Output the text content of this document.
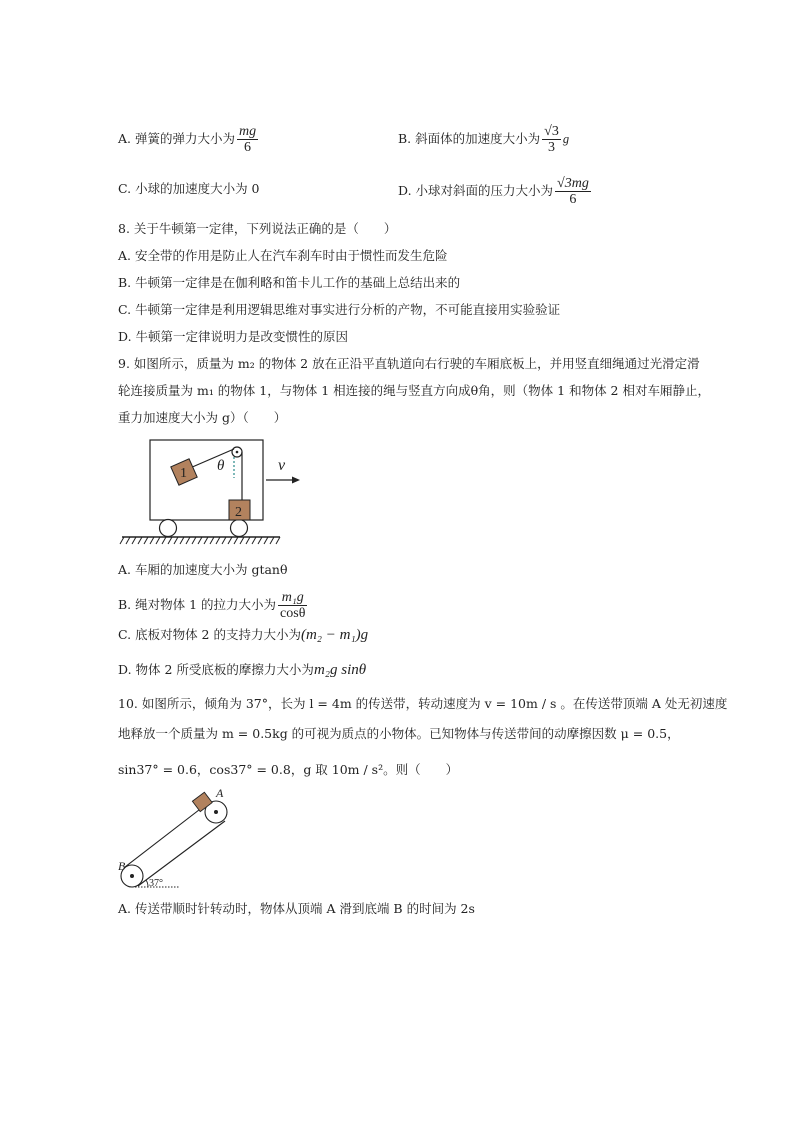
A. 弹簧的弹力大小为 $\frac{mg}{6}$	B. 斜面体的加速度大小为 $\frac{√3}{3}$ g
C. 小球的加速度大小为 0	D. 小球对斜面的压力大小为 $\frac{√3mg}{6}$
8. 关于牛顿第一定律，下列说法正确的是（　　）
A. 安全带的作用是防止人在汽车刹车时由于惯性而发生危险
B. 牛顿第一定律是在伽利略和笛卡儿工作的基础上总结出来的
C. 牛顿第一定律是利用逻辑思维对事实进行分析的产物，不可能直接用实验验证
D. 牛顿第一定律说明力是改变惯性的原因
9. 如图所示，质量为 m₂ 的物体 2 放在正沿平直轨道向右行驶的车厢底板上，并用竖直细绳通过光滑定滑
轮连接质量为 m₁ 的物体 1，与物体 1 相连接的绳与竖直方向成θ角，则（物体 1 和物体 2 相对车厢静止，
重力加速度大小为 g）（　　）
1
2
θ	v
A. 车厢的加速度大小为 gtanθ
B. 绳对物体 1 的拉力大小为 $\frac{\text{m₁g}}{\cos\theta}$
C. 底板对物体 2 的支持力大小为(m₂ − m₁)g
D. 物体 2 所受底板的摩擦力大小为m₂g sinθ
10. 如图所示，倾角为 37°，长为 l = 4m 的传送带，转动速度为 v = 10m / s 。在传送带顶端 A 处无初速度
地释放一个质量为 m = 0.5kg 的可视为质点的小物体。已知物体与传送带间的动摩擦因数 μ = 0.5，
sin37° = 0.6，cos37° = 0.8，g 取 10m / s²。则（　　）
37°
A
B
A. 传送带顺时针转动时，物体从顶端 A 滑到底端 B 的时间为 2s
